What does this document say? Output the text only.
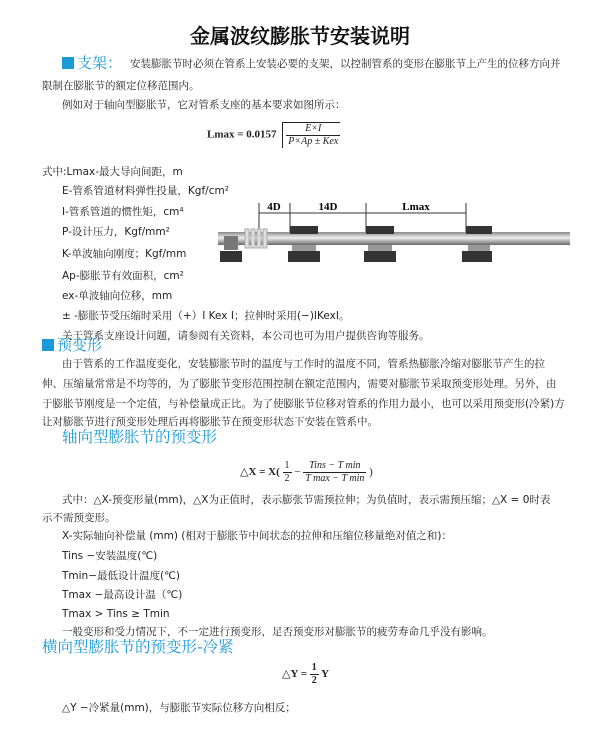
金属波纹膨胀节安装说明
支架： 安装膨胀节时必须在管系上安装必要的支架，以控制管系的变形在膨胀节上产生的位移方向并
限制在膨胀节的额定位移范围内。
例如对于轴向型膨胀节，它对管系支座的基本要求如图所示：
$Lmax = 0.0157 \frac{E\times I}{\text{P×Ap ± Kex}}$
式中:Lmax-最大导向间距，m
E-管系管道材料弹性投量，Kgf/cm²
I-管系管道的惯性矩，cm⁴
P-设计压力，Kgf/mm²
K-单波轴向刚度；Kgf/mm
Ap-膨胀节有效面积，cm²
ex-单波轴向位移，mm
± -膨胀节受压缩时采用（+）I Kex I；拉伸时采用(−)IKexI。
关于管系支座设计问题，请参阅有关资料，本公司也可为用户提供咨询等服务。
4D	14D	Lmax
预变形
由于管系的工作温度变化，安装膨胀节时的温度与工作时的温度不同，管系热膨胀冷缩对膨胀节产生的拉
伸、压缩量常常是不均等的，为了膨胀节变形范围控制在额定范围内，需要对膨胀节采取预变形处理。另外，由
于膨胀节刚度是一个定值，与补偿量成正比。为了使膨胀节位移对管系的作用力最小，也可以采用预变形(冷紧)方
让对膨胀节进行预变形处理后再将膨胀节在预变形状态下安装在管系中。
轴向型膨胀节的预变形
△X = $X( \frac{1}{2} - \frac{\text{Tins − T min}}{\text{T max − T min}}$ )
式中：△X-预变形量(mm)，△X为正值时，表示膨张节需预拉伸；为负值时，表示需预压缩；△X = 0时表
示不需预变形。
X-实际轴向补偿量 (mm) (相对于膨胀节中间状态的拉伸和压缩位移量绝对值之和)：
Tins −安装温度(℃)
Tmin−最低设计温度(℃)
Tmax −最高设计温（℃)
Tmax > Tins ≥ Tmin
一般变形和受力情况下，不一定进行预变形，足否预变形对膨胀节的疲劳寿命几乎没有影响。
横向型膨胀节的预变形-冷紧
△Y = $\frac{1}{2}$ Y
△Y −冷紧量(mm)，与膨胀节实际位移方向相反；
